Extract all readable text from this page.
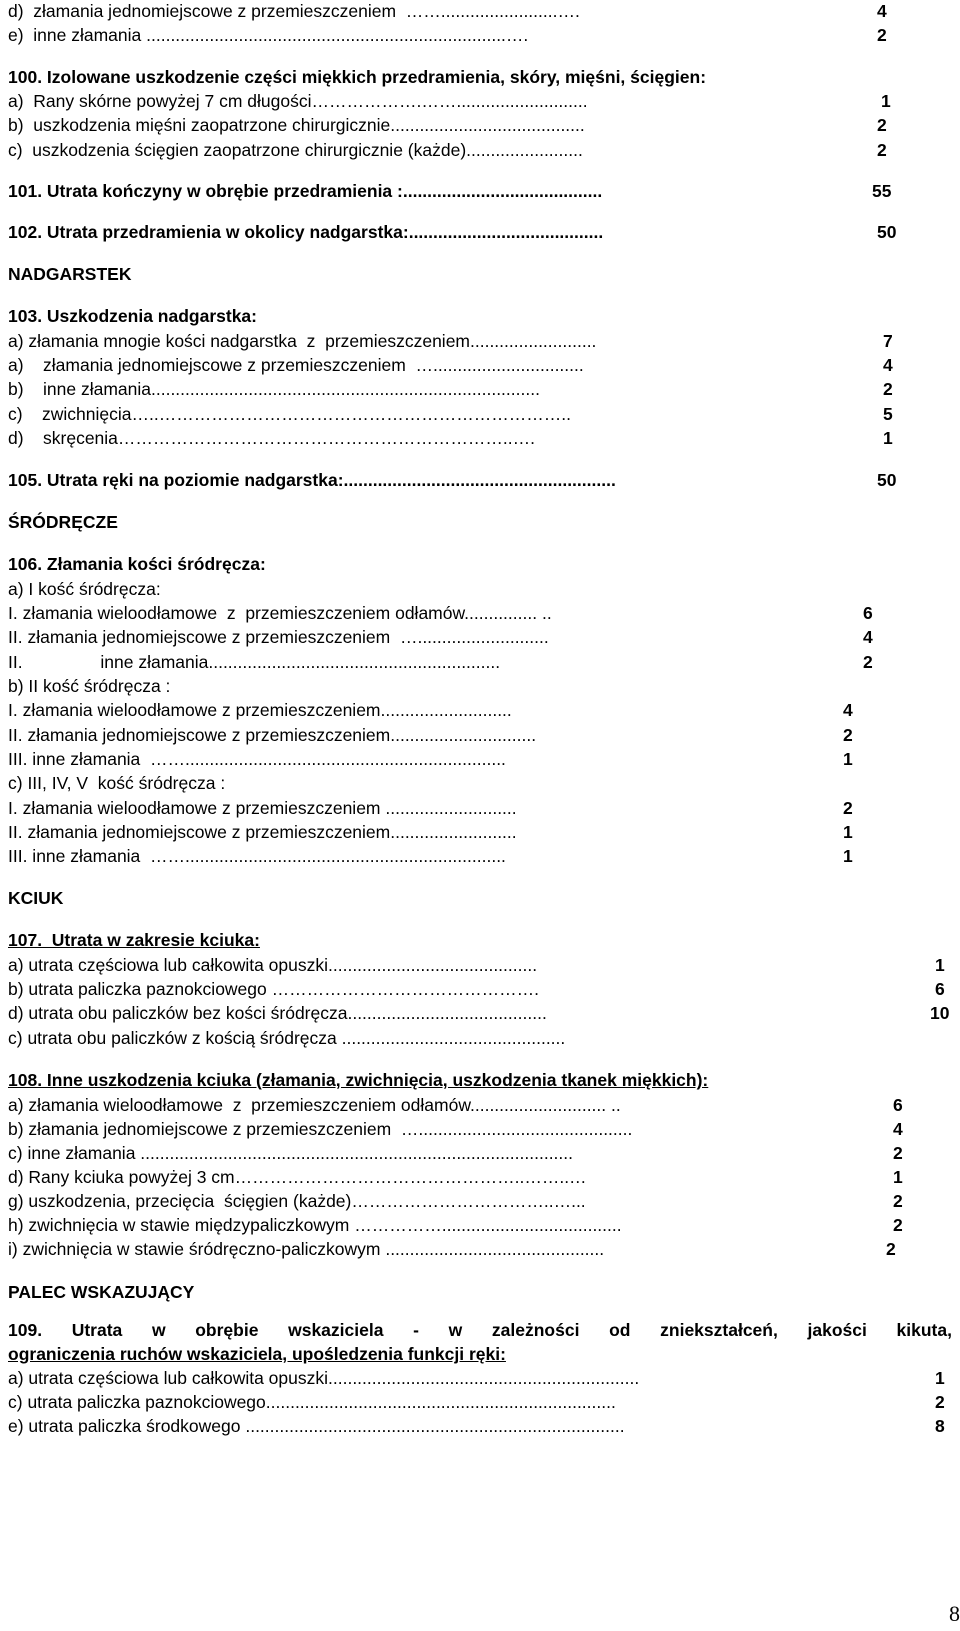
d)  złamania jednomiejscowe z przemieszczeniem  ……........................….	4
e)  inne złamania ..........................................................................….	2
100. Izolowane uszkodzenie części miękkich przedramienia, skóry, mięśni, ścięgien:
a)  Rany skórne powyżej 7 cm długości……………….……...........................	1
b)  uszkodzenia mięśni zaopatrzone chirurgicznie........................................	2
c)  uszkodzenia ścięgien zaopatrzone chirurgicznie (każde)........................	2
101. Utrata kończyny w obrębie przedramienia :.........................................	55
102. Utrata przedramienia w okolicy nadgarstka:........................................	50
NADGARSTEK
103. Uszkodzenia nadgarstka:
a) złamania mnogie kości nadgarstka  z  przemieszczeniem..........................	7
a)    złamania jednomiejscowe z przemieszczeniem  …...............................	4
b)    inne złamania................................................................................	2
c)    zwichnięcia…..……………………………………………………………..	5
d)    skręcenia…………………………………………………………..….	1
105. Utrata ręki na poziomie nadgarstka:........................................................	50
ŚRÓDRĘCZE
106. Złamania kości śródręcza:
a) I kość śródręcza:
I. złamania wieloodłamowe  z  przemieszczeniem odłamów............... ..	6
II. złamania jednomiejscowe z przemieszczeniem  …...........................	4
II.                inne złamania............................................................	2
b) II kość śródręcza :
I. złamania wieloodłamowe z przemieszczeniem...........................	4
II. złamania jednomiejscowe z przemieszczeniem..............................	2
III. inne złamania  ……..................................................................	1
c) III, IV, V  kość śródręcza :
I. złamania wieloodłamowe z przemieszczeniem ...........................	2
II. złamania jednomiejscowe z przemieszczeniem..........................	1
III. inne złamania  ……..................................................................	1
KCIUK
107.  Utrata w zakresie kciuka:
a) utrata częściowa lub całkowita opuszki...........................................	1
b) utrata paliczka paznokciowego ……………………………………….	6
d) utrata obu paliczków bez kości śródręcza.........................................	10
c) utrata obu paliczków z kością śródręcza ..............................................
108. Inne uszkodzenia kciuka (złamania, zwichnięcia, uszkodzenia tkanek miękkich):
a) złamania wieloodłamowe  z  przemieszczeniem odłamów............................ ..	6
b) złamania jednomiejscowe z przemieszczeniem  …............................................	4
c) inne złamania .........................................................................................	2
d) Rany kciuka powyżej 3 cm…………………………………………..……..…	1
g) uszkodzenia, przecięcia  ścięgien (każde)……………………………..…...	2
h) zwichnięcia w stawie międzypaliczkowym …………….....................................	2
i) zwichnięcia w stawie śródręczno-paliczkowym .............................................	2
PALEC WSKAZUJĄCY
ograniczenia ruchów wskaziciela, upośledzenia funkcji ręki:
a) utrata częściowa lub całkowita opuszki................................................................	1
c) utrata paliczka paznokciowego........................................................................	2
e) utrata paliczka środkowego ..............................................................................	8
109. Utrata w obrębie wskaziciela - w zależności od zniekształceń, jakości kikuta,
8
